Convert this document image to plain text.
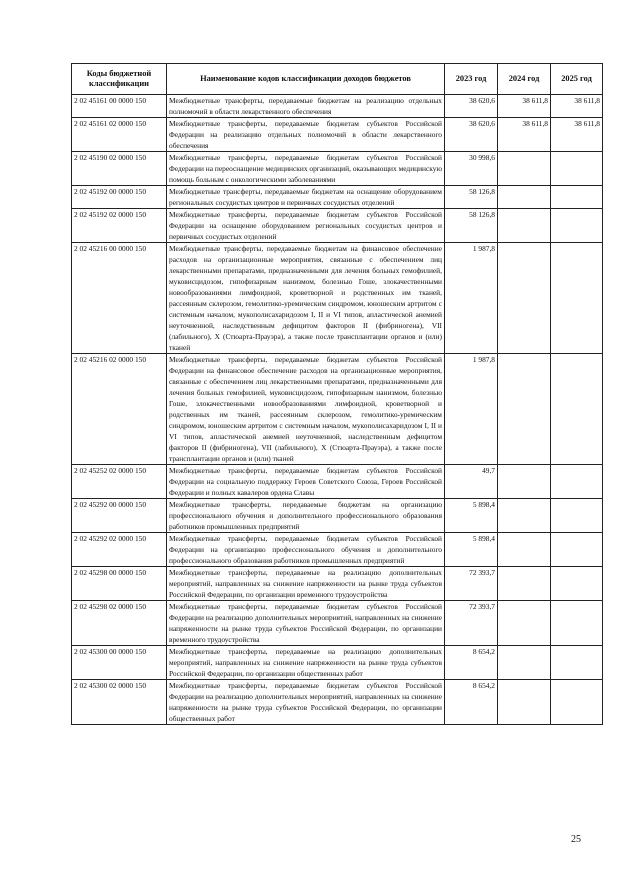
Коды бюджетной классификации	Наименование кодов классификации доходов бюджетов	2023 год	2024 год	2025 год
2 02 45161 00 0000 150	Межбюджетные трансферты, передаваемые бюджетам на реализацию отдельных полномочий в области лекарственного обеспечения	38 620,6	38 611,8	38 611,8
2 02 45161 02 0000 150	Межбюджетные трансферты, передаваемые бюджетам субъектов Российской Федерации на реализацию отдельных полномочий в области лекарственного обеспечения	38 620,6	38 611,8	38 611,8
2 02 45190 02 0000 150	Межбюджетные трансферты, передаваемые бюджетам субъектов Российской Федерации на переоснащение медицинских организаций, оказывающих медицинскую помощь больным с онкологическими заболеваниями	30 998,6		
2 02 45192 00 0000 150	Межбюджетные трансферты, передаваемые бюджетам на оснащение оборудованием региональных сосудистых центров и первичных сосудистых отделений	58 126,8		
2 02 45192 02 0000 150	Межбюджетные трансферты, передаваемые бюджетам субъектов Российской Федерации на оснащение оборудованием региональных сосудистых центров и первичных сосудистых отделений	58 126,8		
2 02 45216 00 0000 150	Межбюджетные трансферты, передаваемые бюджетам на финансовое обеспечение расходов на организационные мероприятия, связанные с обеспечением лиц лекарственными препаратами, предназначенными для лечения больных гемофилией, муковисцидозом, гипофизарным нанизмом, болезнью Гоше, злокачественными новообразованиями лимфоидной, кроветворной и родственных им тканей, рассеянным склерозом, гемолитико-уремическим синдромом, юношеским артритом с системным началом, мукополисахаридозом I, II и VI типов, апластической анемией неуточненной, наследственным дефицитом факторов II (фибриногена), VII (лабильного), X (Стюарта-Прауэра), а также после трансплантации органов и (или) тканей	1 987,8		
2 02 45216 02 0000 150	Межбюджетные трансферты, передаваемые бюджетам субъектов Российской Федерации на финансовое обеспечение расходов на организационные мероприятия, связанные с обеспечением лиц лекарственными препаратами, предназначенными для лечения больных гемофилией, муковисцидозом, гипофизарным нанизмом, болезнью Гоше, злокачественными новообразованиями лимфоидной, кроветворной и родственных им тканей, рассеянным склерозом, гемолитико-уремическим синдромом, юношеским артритом с системным началом, мукополисахаридозом I, II и VI типов, апластической анемией неуточненной, наследственным дефицитом факторов II (фибриногена), VII (лабильного), X (Стюарта-Прауэра), а также после трансплантации органов и (или) тканей	1 987,8		
2 02 45252 02 0000 150	Межбюджетные трансферты, передаваемые бюджетам субъектов Российской Федерации на социальную поддержку Героев Советского Союза, Героев Российской Федерации и полных кавалеров ордена Славы	49,7		
2 02 45292 00 0000 150	Межбюджетные трансферты, передаваемые бюджетам на организацию профессионального обучения и дополнительного профессионального образования работников промышленных предприятий	5 898,4		
2 02 45292 02 0000 150	Межбюджетные трансферты, передаваемые бюджетам субъектов Российской Федерации на организацию профессионального обучения и дополнительного профессионального образования работников промышленных предприятий	5 898,4		
2 02 45298 00 0000 150	Межбюджетные трансферты, передаваемые на реализацию дополнительных мероприятий, направленных на снижение напряженности на рынке труда субъектов Российской Федерации, по организации временного трудоустройства	72 393,7		
2 02 45298 02 0000 150	Межбюджетные трансферты, передаваемые бюджетам субъектов Российской Федерации на реализацию дополнительных мероприятий, направленных на снижение напряженности на рынке труда субъектов Российской Федерации, по организации временного трудоустройства	72 393,7		
2 02 45300 00 0000 150	Межбюджетные трансферты, передаваемые на реализацию дополнительных мероприятий, направленных на снижение напряженности на рынке труда субъектов Российской Федерации, по организации общественных работ	8 654,2		
2 02 45300 02 0000 150	Межбюджетные трансферты, передаваемые бюджетам субъектов Российской Федерации на реализацию дополнительных мероприятий, направленных на снижение напряженности на рынке труда субъектов Российской Федерации, по организации общественных работ	8 654,2		
25
